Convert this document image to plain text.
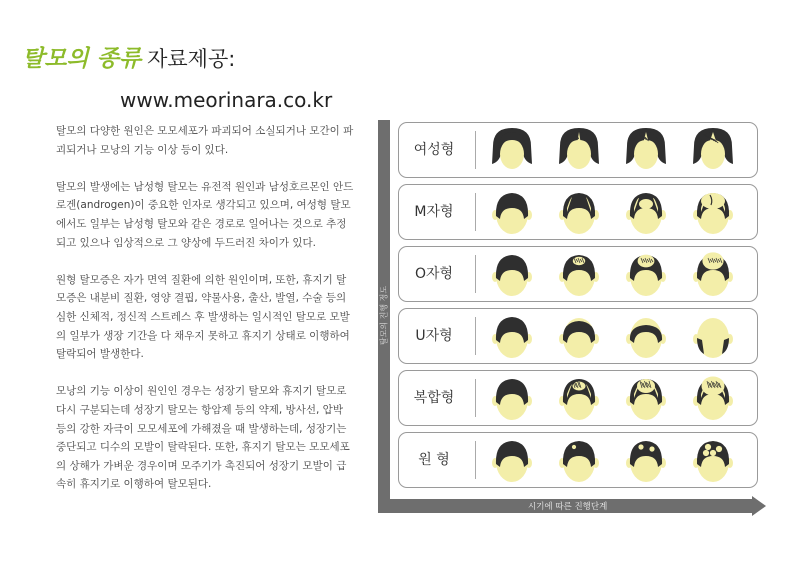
탈모의 종류 자료제공:
www.meorinara.co.kr

탈모의 다양한 원인은 모모세포가 파괴되어 소실되거나 모간이 파괴되거나 모낭의 기능 이상 등이 있다.

탈모의 발생에는 남성형 탈모는 유전적 원인과 남성호르몬인 안드로겐(androgen)이 중요한 인자로 생각되고 있으며, 여성형 탈모에서도 일부는 남성형 탈모와 같은 경로로 일어나는 것으로 추정되고 있으나 임상적으로 그 양상에 두드러진 차이가 있다.

원형 탈모증은 자가 면역 질환에 의한 원인이며, 또한, 휴지기 탈모증은 내분비 질환, 영양 결핍, 약물사용, 출산, 발열, 수술 등의 심한 신체적, 정신적 스트레스 후 발생하는 일시적인 탈모로 모발의 일부가 생장 기간을 다 채우지 못하고 휴지기 상태로 이행하여 탈락되어 발생한다.

모낭의 기능 이상이 원인인 경우는 성장기 탈모와 휴지기 탈모로 다시 구분되는데 성장기 탈모는 항암제 등의 약제, 방사선, 압박 등의 강한 자극이 모모세포에 가해졌을 때 발생하는데, 성장기는 중단되고 디수의 모발이 탈락된다. 또한, 휴지기 탈모는 모모세포의 상해가 가벼운 경우이며 모주기가 촉진되어 성장기 모발이 급속히 휴지기로 이행하여 탈모된다.

탈모의 진행 정도
시기에 따른 진행단계
여성형
M자형
O자형
U자형
복합형
원 형
